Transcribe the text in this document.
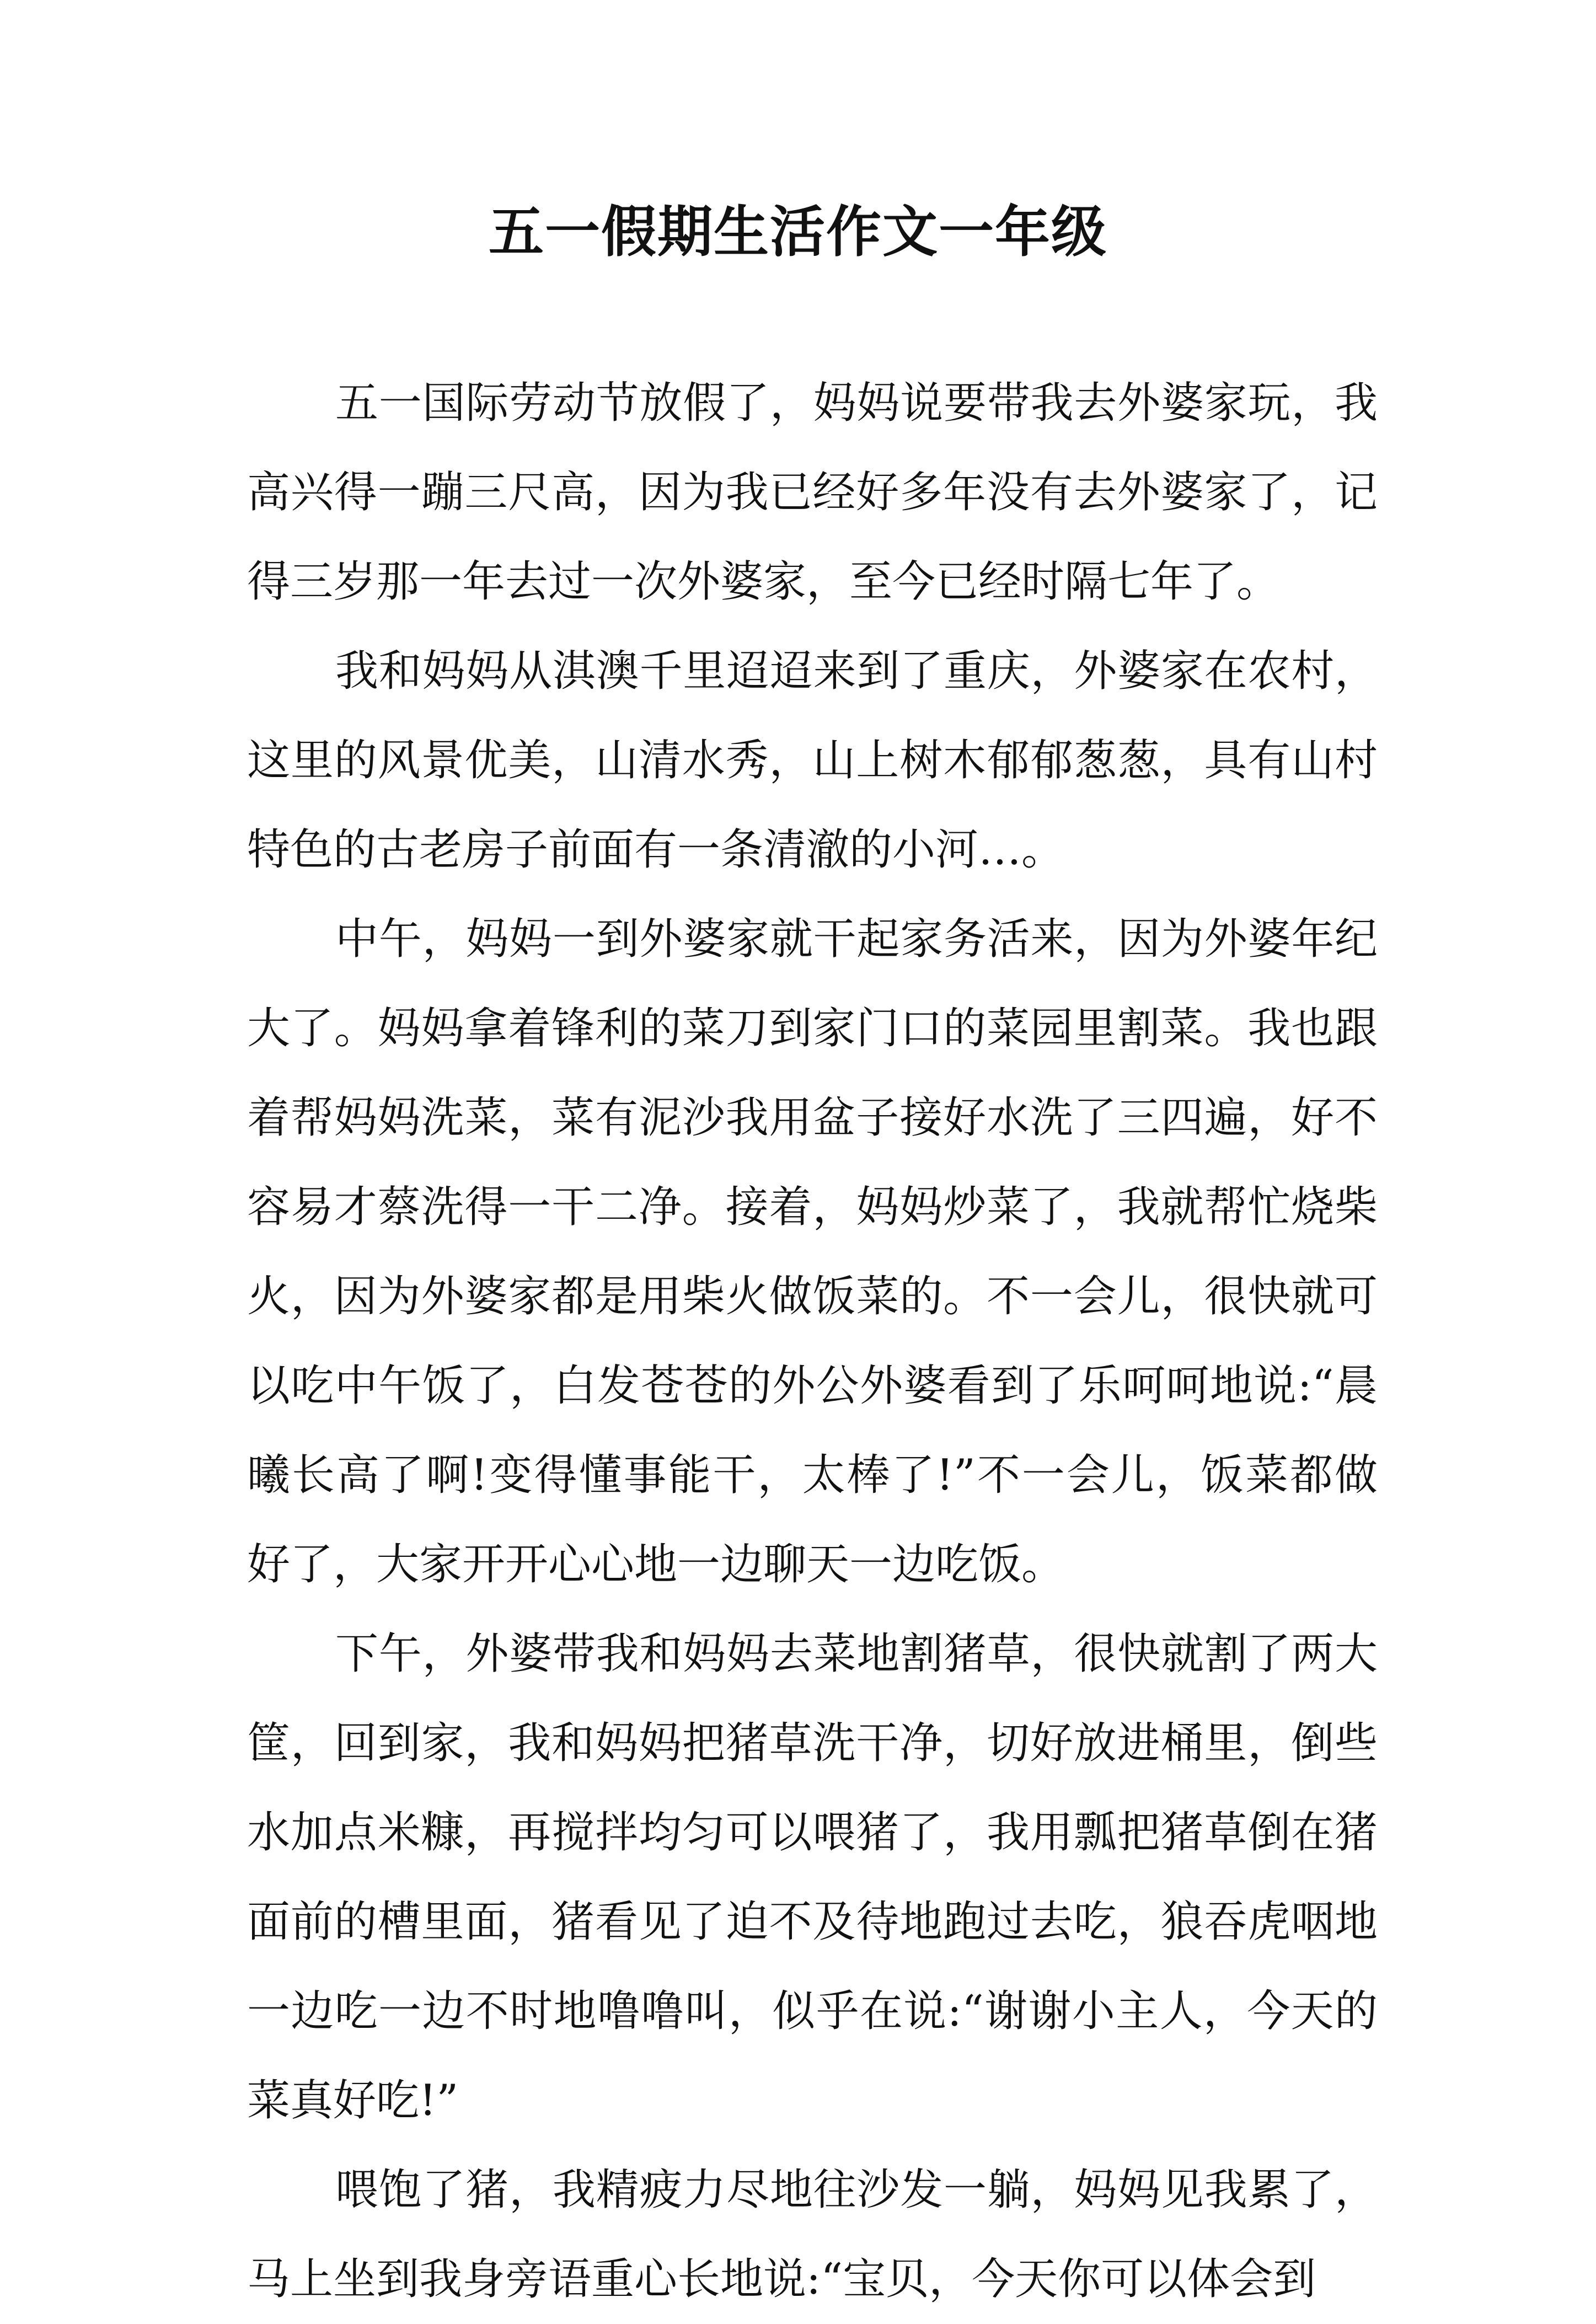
五一假期生活作文一年级

五一国际劳动节放假了，妈妈说要带我去外婆家玩，我高兴得一蹦三尺高，因为我已经好多年没有去外婆家了，记得三岁那一年去过一次外婆家，至今已经时隔七年了。

我和妈妈从淇澳千里迢迢来到了重庆，外婆家在农村，这里的风景优美，山清水秀，山上树木郁郁葱葱，具有山村特色的古老房子前面有一条清澈的小河…。

中午，妈妈一到外婆家就干起家务活来，因为外婆年纪大了。妈妈拿着锋利的菜刀到家门口的菜园里割菜。我也跟着帮妈妈洗菜，菜有泥沙我用盆子接好水洗了三四遍，好不容易才蔡洗得一干二净。接着，妈妈炒菜了，我就帮忙烧柴火，因为外婆家都是用柴火做饭菜的。不一会儿，很快就可以吃中午饭了，白发苍苍的外公外婆看到了乐呵呵地说:“晨曦长高了啊!变得懂事能干，太棒了!”不一会儿，饭菜都做好了，大家开开心心地一边聊天一边吃饭。

下午，外婆带我和妈妈去菜地割猪草，很快就割了两大筐，回到家，我和妈妈把猪草洗干净，切好放进桶里，倒些水加点米糠，再搅拌均匀可以喂猪了，我用瓢把猪草倒在猪面前的槽里面，猪看见了迫不及待地跑过去吃，狼吞虎咽地一边吃一边不时地噜噜叫，似乎在说:“谢谢小主人，今天的菜真好吃!”

喂饱了猪，我精疲力尽地往沙发一躺，妈妈见我累了，马上坐到我身旁语重心长地说:“宝贝，今天你可以体会到
